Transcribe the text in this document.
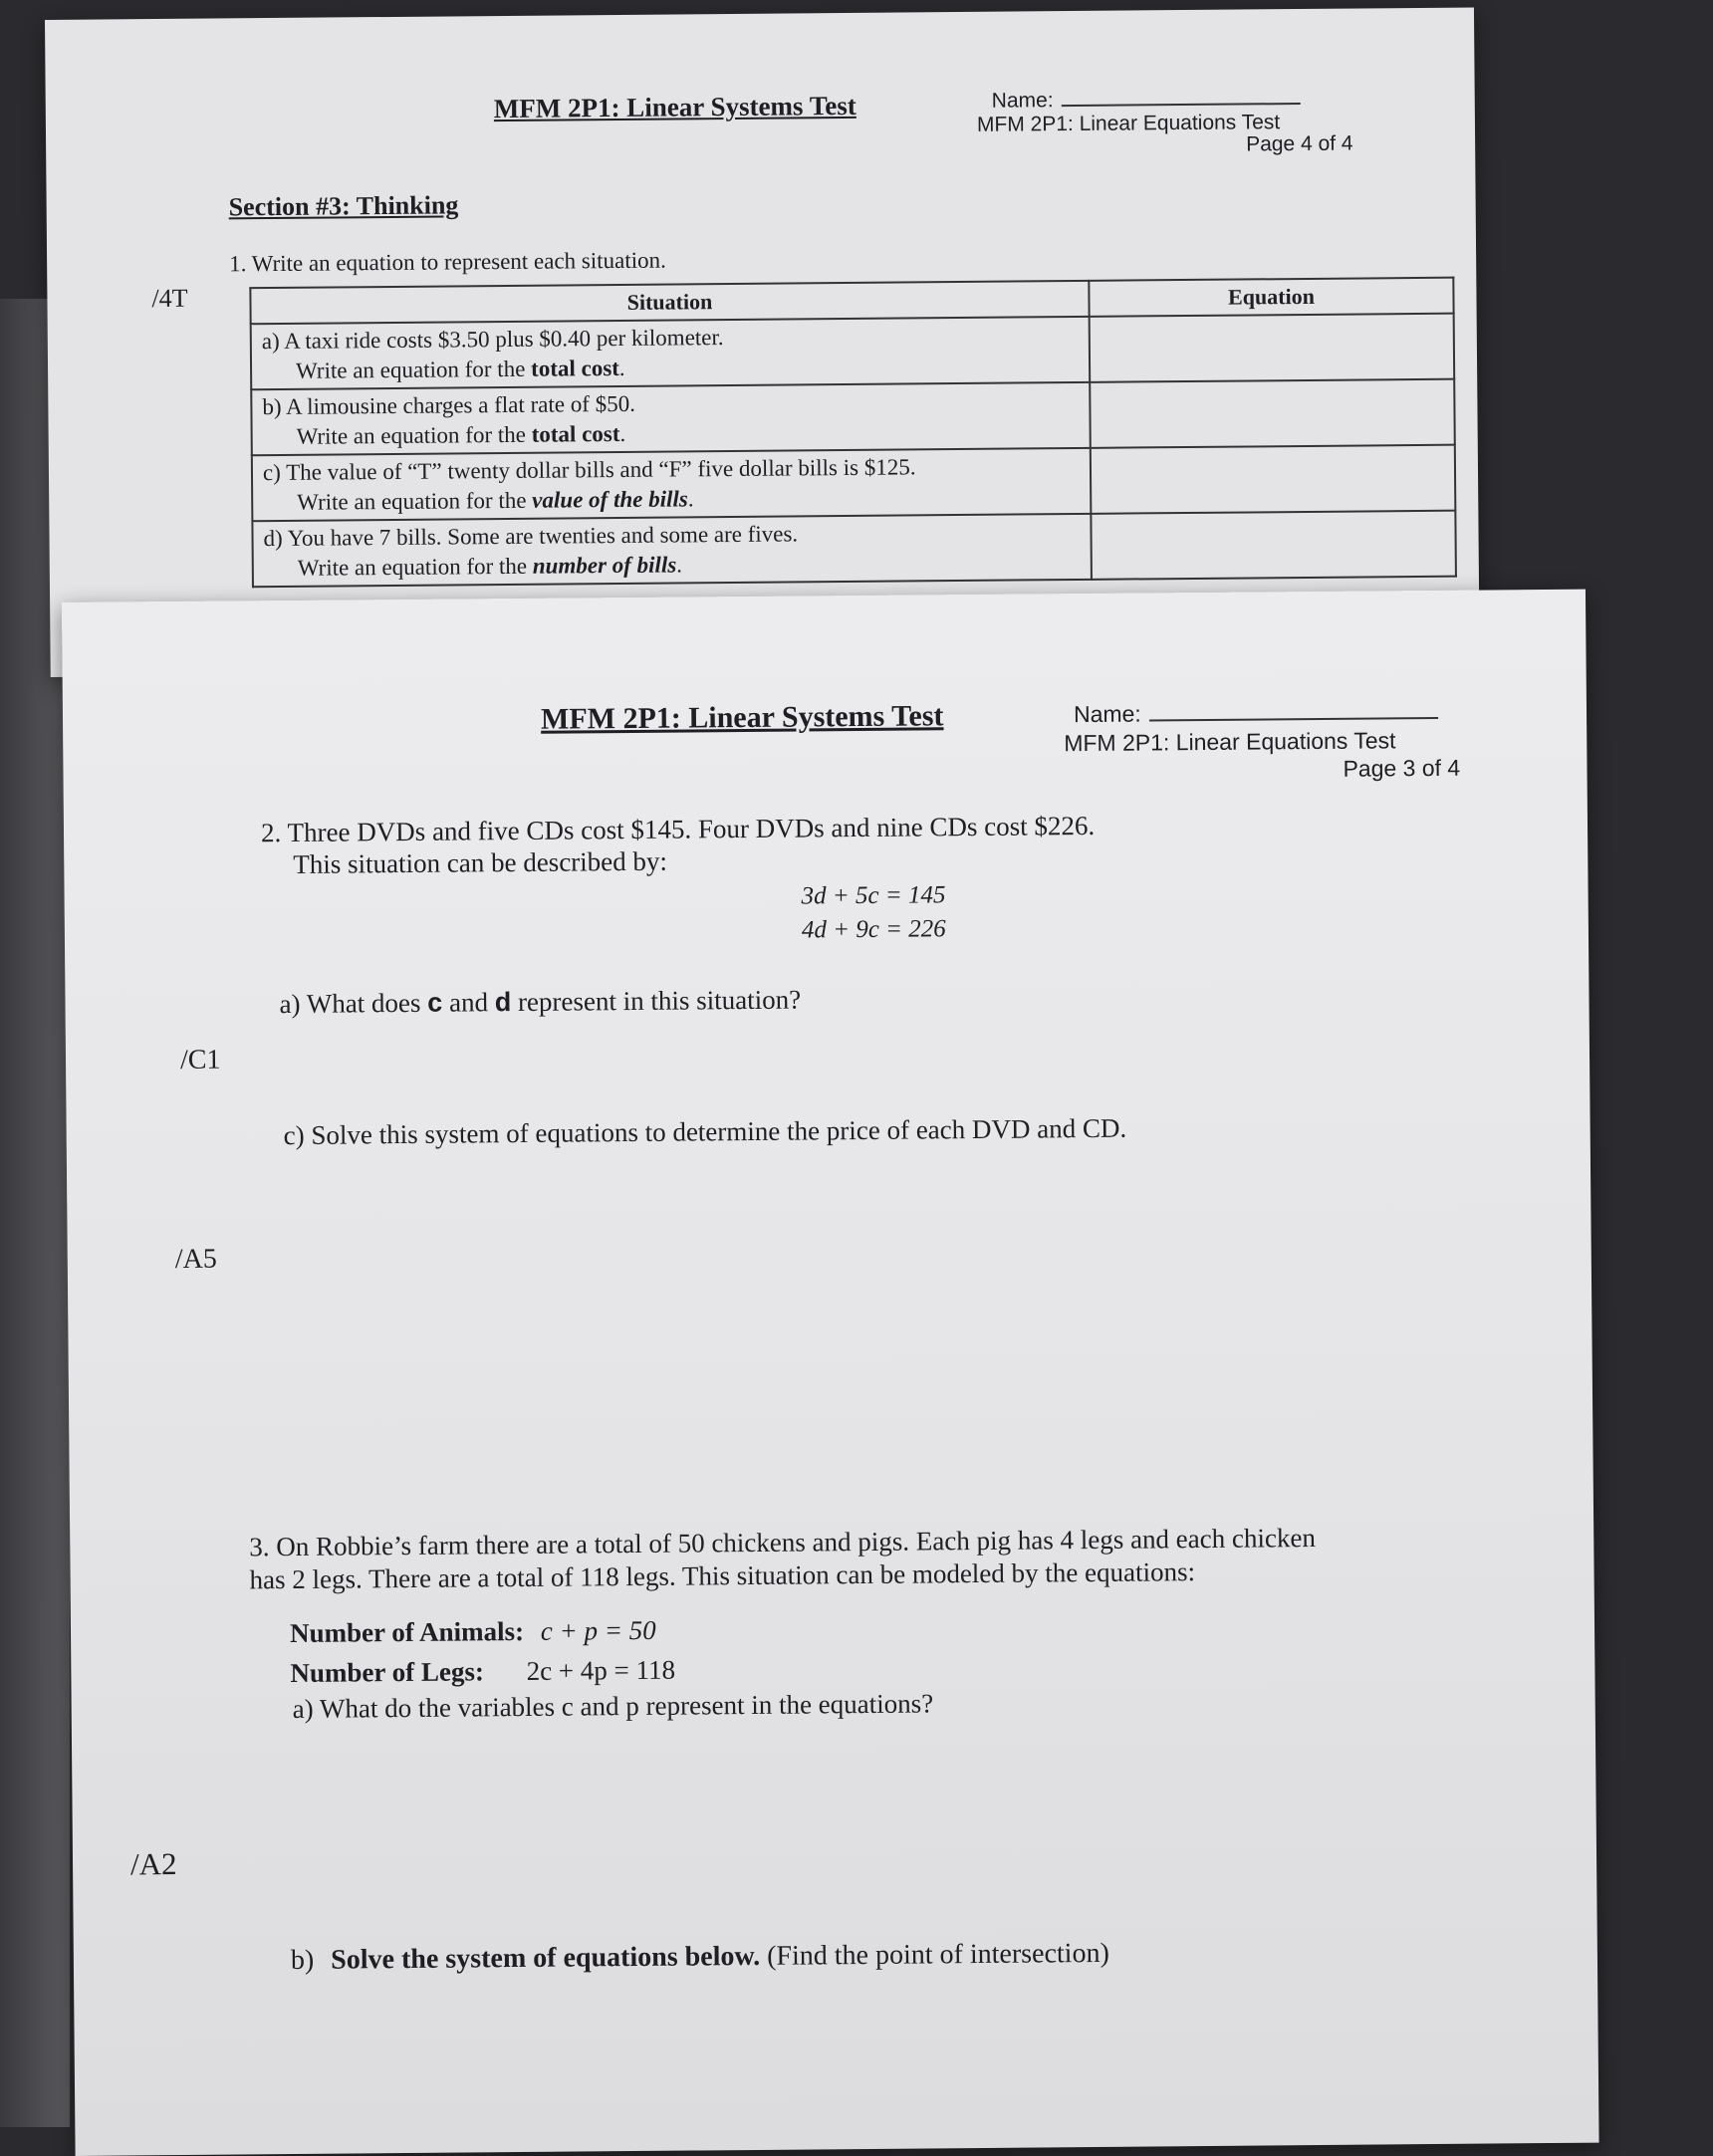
MFM 2P1: Linear Systems Test	Name:
MFM 2P1: Linear Equations Test
Page 4 of 4
Section #3: Thinking
1. Write an equation to represent each situation.
/4T	Situation	Equation

a) A taxi ride costs $3.50 plus $0.40 per kilometer.
Write an equation for the total cost.	

b) A limousine charges a flat rate of $50.
Write an equation for the total cost.	

c) The value of “T” twenty dollar bills and “F” five dollar bills is $125.
Write an equation for the value of the bills.	

d) You have 7 bills. Some are twenties and some are fives.
Write an equation for the number of bills.	

MFM 2P1: Linear Systems Test	Name:
MFM 2P1: Linear Equations Test
Page 3 of 4
2. Three DVDs and five CDs cost $145. Four DVDs and nine CDs cost $226.
This situation can be described by:
3d + 5c = 145
4d + 9c = 226
a) What does c and d represent in this situation?
/C1
c) Solve this system of equations to determine the price of each DVD and CD.
/A5
3. On Robbie’s farm there are a total of 50 chickens and pigs. Each pig has 4 legs and each chicken
has 2 legs. There are a total of 118 legs. This situation can be modeled by the equations:
Number of Animals: c + p = 50
Number of Legs: 2c + 4p = 118
a) What do the variables c and p represent in the equations?
/A2
b) Solve the system of equations below. (Find the point of intersection)
